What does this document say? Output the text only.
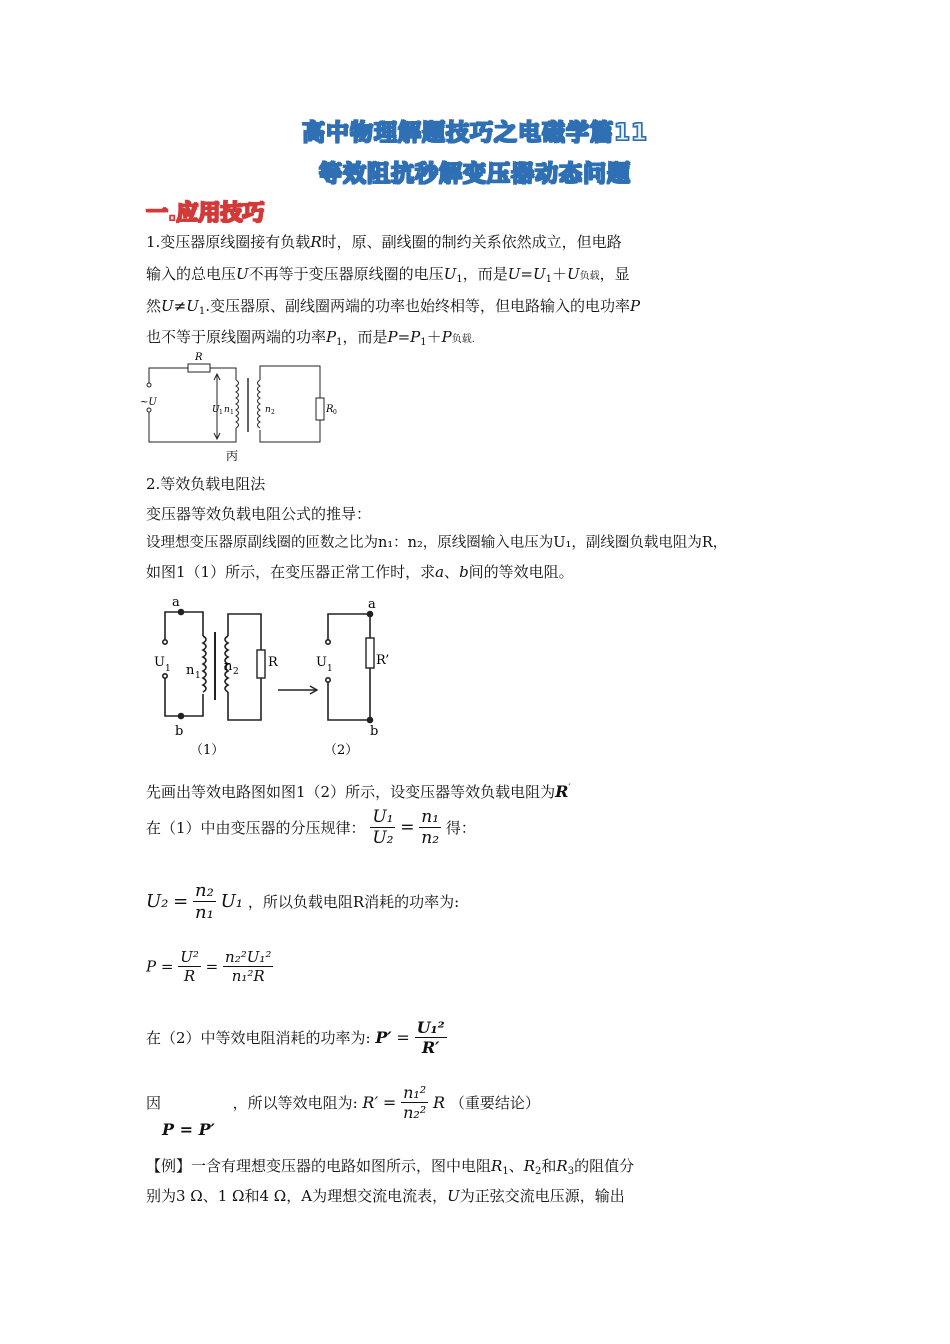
高中物理解题技巧之电磁学篇11
等效阻抗秒解变压器动态问题
一.应用技巧
1.变压器原线圈接有负载R时，原、副线圈的制约关系依然成立，但电路
输入的总电压U不再等于变压器原线圈的电压$U_1$，而是$U=U_1+U$负载，显
然$U\ne U_1$.变压器原、副线圈两端的功率也始终相等，但电路输入的电功率P
也不等于原线圈两端的功率$P_1$，而是$P=P_1+P$负载.
R
~U
U 1 n 1	n 2	R 0
丙
2.等效负载电阻法
变压器等效负载电阻公式的推导：
设理想变压器原副线圈的匝数之比为n₁：n₂，原线圈输入电压为U₁，副线圈负载电阻为R，
如图1（1）所示，在变压器正常工作时，求a、b间的等效电阻。
a
b
U 1 n 1
n 2
R
（1）
a
b
U 1
R’
（2）
先画出等效电路图如图1（2）所示，设变压器等效负载电阻为R′
在（1）中由变压器的分压规律： $\frac{\text{U₁}}{\text{U₂}} = \frac{\text{n₁}}{\text{n₂}}$ 得：
$U_2 = \frac{\text{n₂}}{\text{n₁}} U_1$ ，所以负载电阻R消耗的功率为:
$P = \frac{\text{U²}}{R} = \frac{\text{n₂²U₁²}}{\text{n₁²R}}$
在（2）中等效电阻消耗的功率为: $P' = \frac{\text{U₁²}}{R'}$
因	，所以等效电阻为: $R' = \frac{\text{n₁²}}{\text{n₂²}}$ R （重要结论）
P = P′
【例】一含有理想变压器的电路如图所示，图中电阻$R_1$、$R_2$和$R_3$的阻值分
别为3 Ω、1 Ω和4 Ω，A为理想交流电流表，U为正弦交流电压源，输出
